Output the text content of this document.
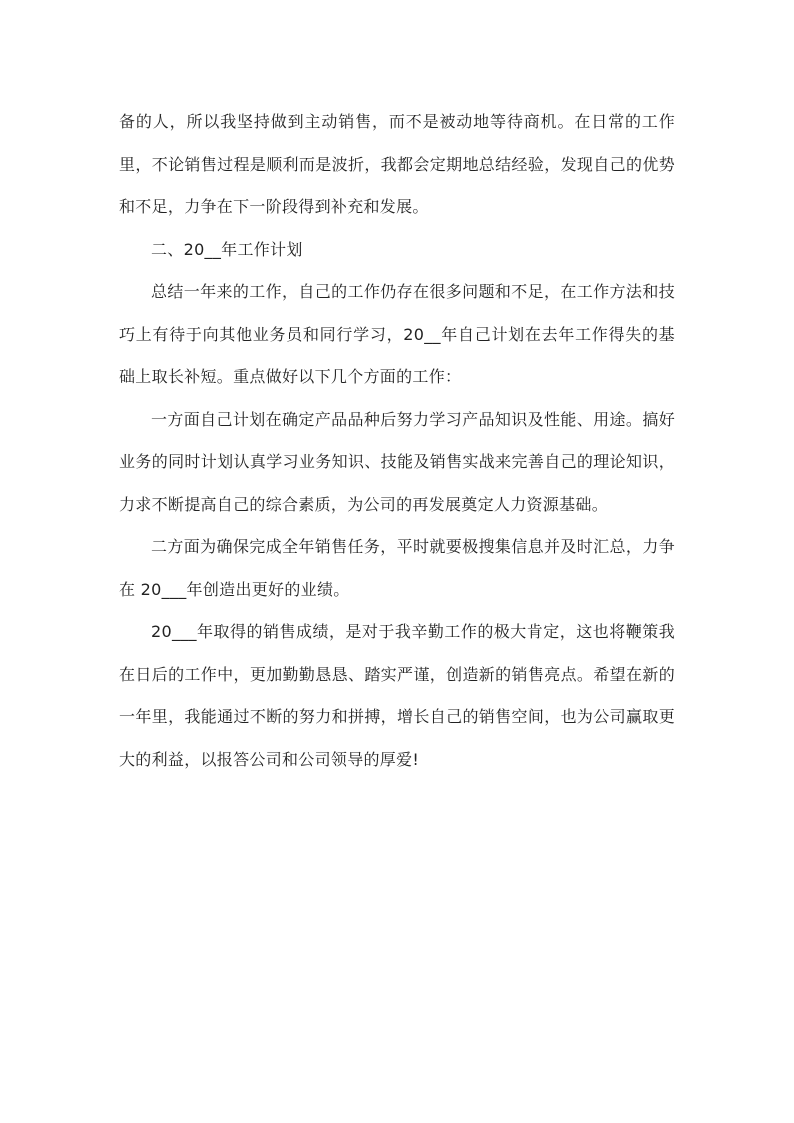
备的人，所以我坚持做到主动销售，而不是被动地等待商机。在日常的工作里，不论销售过程是顺利而是波折，我都会定期地总结经验，发现自己的优势和不足，力争在下一阶段得到补充和发展。

二、20__年工作计划

总结一年来的工作，自己的工作仍存在很多问题和不足，在工作方法和技巧上有待于向其他业务员和同行学习，20__年自己计划在去年工作得失的基础上取长补短。重点做好以下几个方面的工作：

一方面自己计划在确定产品品种后努力学习产品知识及性能、用途。搞好业务的同时计划认真学习业务知识、技能及销售实战来完善自己的理论知识，力求不断提高自己的综合素质，为公司的再发展奠定人力资源基础。

二方面为确保完成全年销售任务，平时就要极搜集信息并及时汇总，力争在 20___年创造出更好的业绩。

20___年取得的销售成绩，是对于我辛勤工作的极大肯定，这也将鞭策我在日后的工作中，更加勤勤恳恳、踏实严谨，创造新的销售亮点。希望在新的一年里，我能通过不断的努力和拼搏，增长自己的销售空间，也为公司赢取更大的利益，以报答公司和公司领导的厚爱!
